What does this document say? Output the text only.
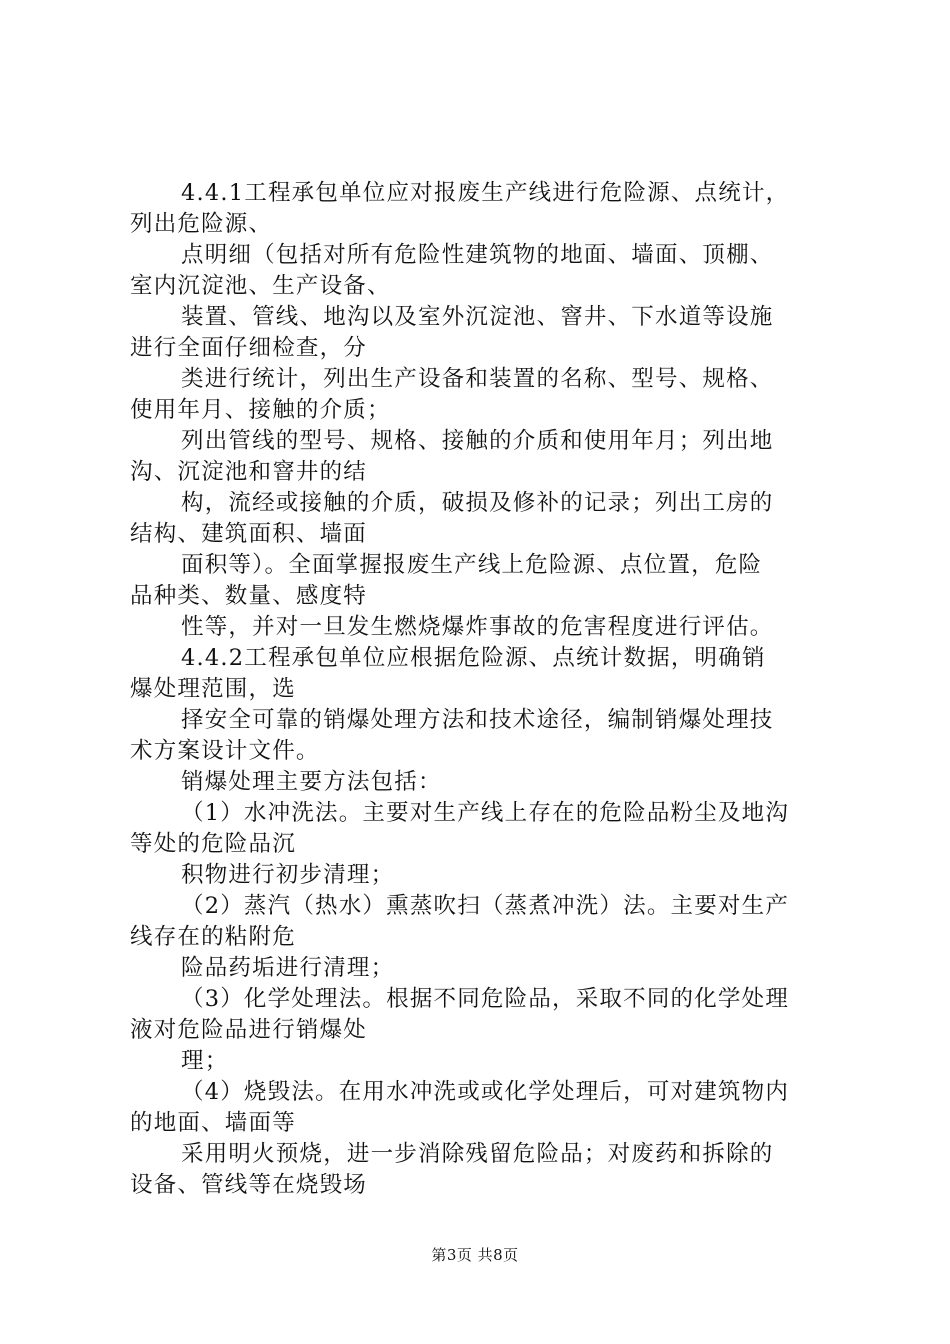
4.4.1工程承包单位应对报废生产线进行危险源、点统计，
列出危险源、
点明细（包括对所有危险性建筑物的地面、墙面、顶棚、
室内沉淀池、生产设备、
装置、管线、地沟以及室外沉淀池、窨井、下水道等设施
进行全面仔细检查，分
类进行统计，列出生产设备和装置的名称、型号、规格、
使用年月、接触的介质；
列出管线的型号、规格、接触的介质和使用年月；列出地
沟、沉淀池和窨井的结
构，流经或接触的介质，破损及修补的记录；列出工房的
结构、建筑面积、墙面
面积等）。全面掌握报废生产线上危险源、点位置，危险
品种类、数量、感度特
性等，并对一旦发生燃烧爆炸事故的危害程度进行评估。
4.4.2工程承包单位应根据危险源、点统计数据，明确销
爆处理范围，选
择安全可靠的销爆处理方法和技术途径，编制销爆处理技
术方案设计文件。
销爆处理主要方法包括：
（1）水冲洗法。主要对生产线上存在的危险品粉尘及地沟
等处的危险品沉
积物进行初步清理；
（2）蒸汽（热水）熏蒸吹扫（蒸煮冲洗）法。主要对生产
线存在的粘附危
险品药垢进行清理；
（3）化学处理法。根据不同危险品，采取不同的化学处理
液对危险品进行销爆处
理；
（4）烧毁法。在用水冲洗或或化学处理后，可对建筑物内
的地面、墙面等
采用明火预烧，进一步消除残留危险品；对废药和拆除的
设备、管线等在烧毁场
第3页 共8页
